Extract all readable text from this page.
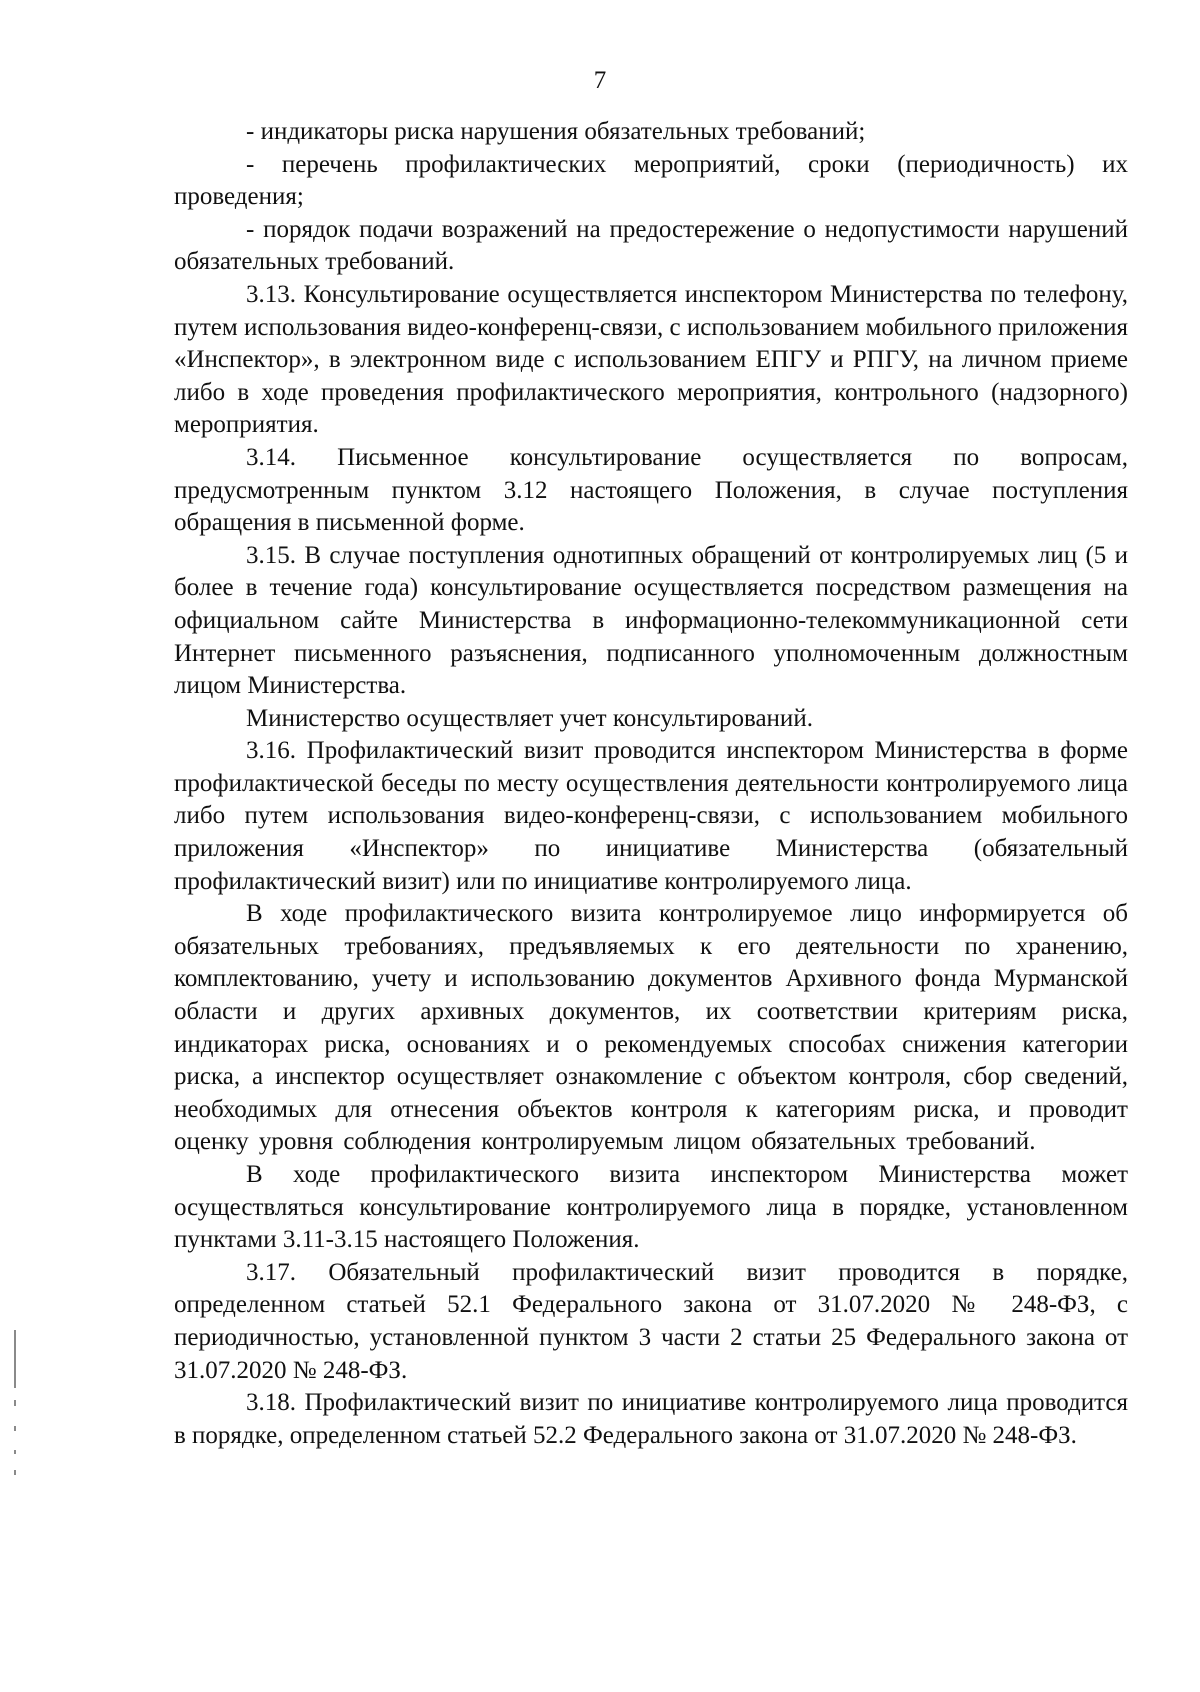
7

- индикаторы риска нарушения обязательных требований;

- перечень профилактических мероприятий, сроки (периодичность) их проведения;

- порядок подачи возражений на предостережение о недопустимости нарушений обязательных требований.

3.13. Консультирование осуществляется инспектором Министерства по телефону, путем использования видео-конференц-связи, с использованием мобильного приложения «Инспектор», в электронном виде с использованием ЕПГУ и РПГУ, на личном приеме либо в ходе проведения профилактического мероприятия, контрольного (надзорного) мероприятия.

3.14. Письменное консультирование осуществляется по вопросам, предусмотренным пунктом 3.12 настоящего Положения, в случае поступления обращения в письменной форме.

3.15. В случае поступления однотипных обращений от контролируемых лиц (5 и более в течение года) консультирование осуществляется посредством размещения на официальном сайте Министерства в информационно-телекоммуникационной сети Интернет письменного разъяснения, подписанного уполномоченным должностным лицом Министерства.

Министерство осуществляет учет консультирований.

3.16. Профилактический визит проводится инспектором Министерства в форме профилактической беседы по месту осуществления деятельности контролируемого лица либо путем использования видео-конференц-связи, с использованием мобильного приложения «Инспектор» по инициативе Министерства (обязательный профилактический визит) или по инициативе контролируемого лица.

В ходе профилактического визита контролируемое лицо информируется об обязательных требованиях, предъявляемых к его деятельности по хранению, комплектованию, учету и использованию документов Архивного фонда Мурманской области и других архивных документов, их соответствии критериям риска, индикаторах риска, основаниях и о рекомендуемых способах снижения категории риска, а инспектор осуществляет ознакомление с объектом контроля, сбор сведений, необходимых для отнесения объектов контроля к категориям риска, и проводит оценку уровня соблюдения контролируемым лицом обязательных требований.

В ходе профилактического визита инспектором Министерства может осуществляться консультирование контролируемого лица в порядке, установленном пунктами 3.11-3.15 настоящего Положения.

3.17. Обязательный профилактический визит проводится в порядке, определенном статьей 52.1 Федерального закона от 31.07.2020 № 248-ФЗ, с периодичностью, установленной пунктом 3 части 2 статьи 25 Федерального закона от 31.07.2020 № 248-ФЗ.

3.18. Профилактический визит по инициативе контролируемого лица проводится в порядке, определенном статьей 52.2 Федерального закона от 31.07.2020 № 248-ФЗ.
